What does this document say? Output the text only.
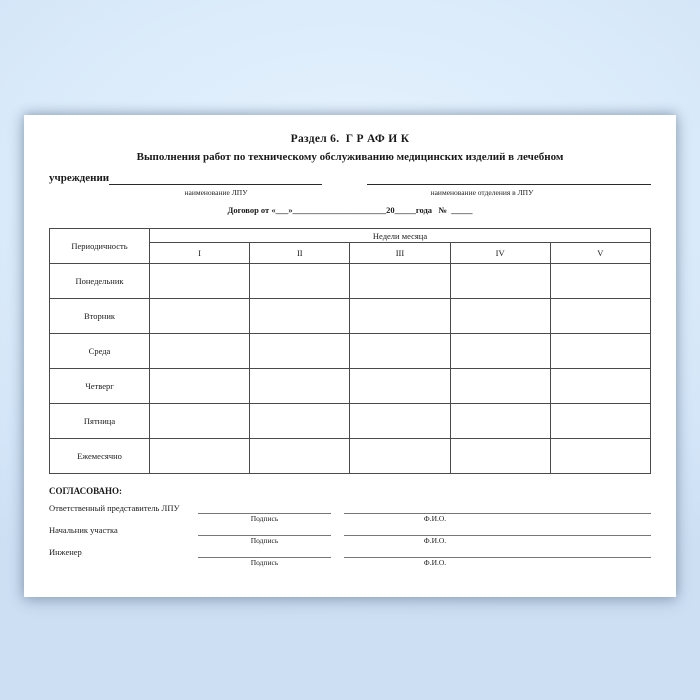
Раздел 6.  Г Р АФ И К
Выполнения работ по техническому обслуживанию медицинских изделий в лечебном
учреждении
наименование ЛПУ	наименование отделения в ЛПУ
Договор от «___»______________________20_____года   №  _____
Периодичность	Недели месяца				
	I	II	III	IV	V
Понедельник					
Вторник					
Среда					
Четверг					
Пятница					
Ежемесячно					
СОГЛАСОВАНО:
Ответственный представитель ЛПУ
Подпись	Ф.И.О.
Начальник участка
Подпись	Ф.И.О.
Инженер
Подпись	Ф.И.О.
